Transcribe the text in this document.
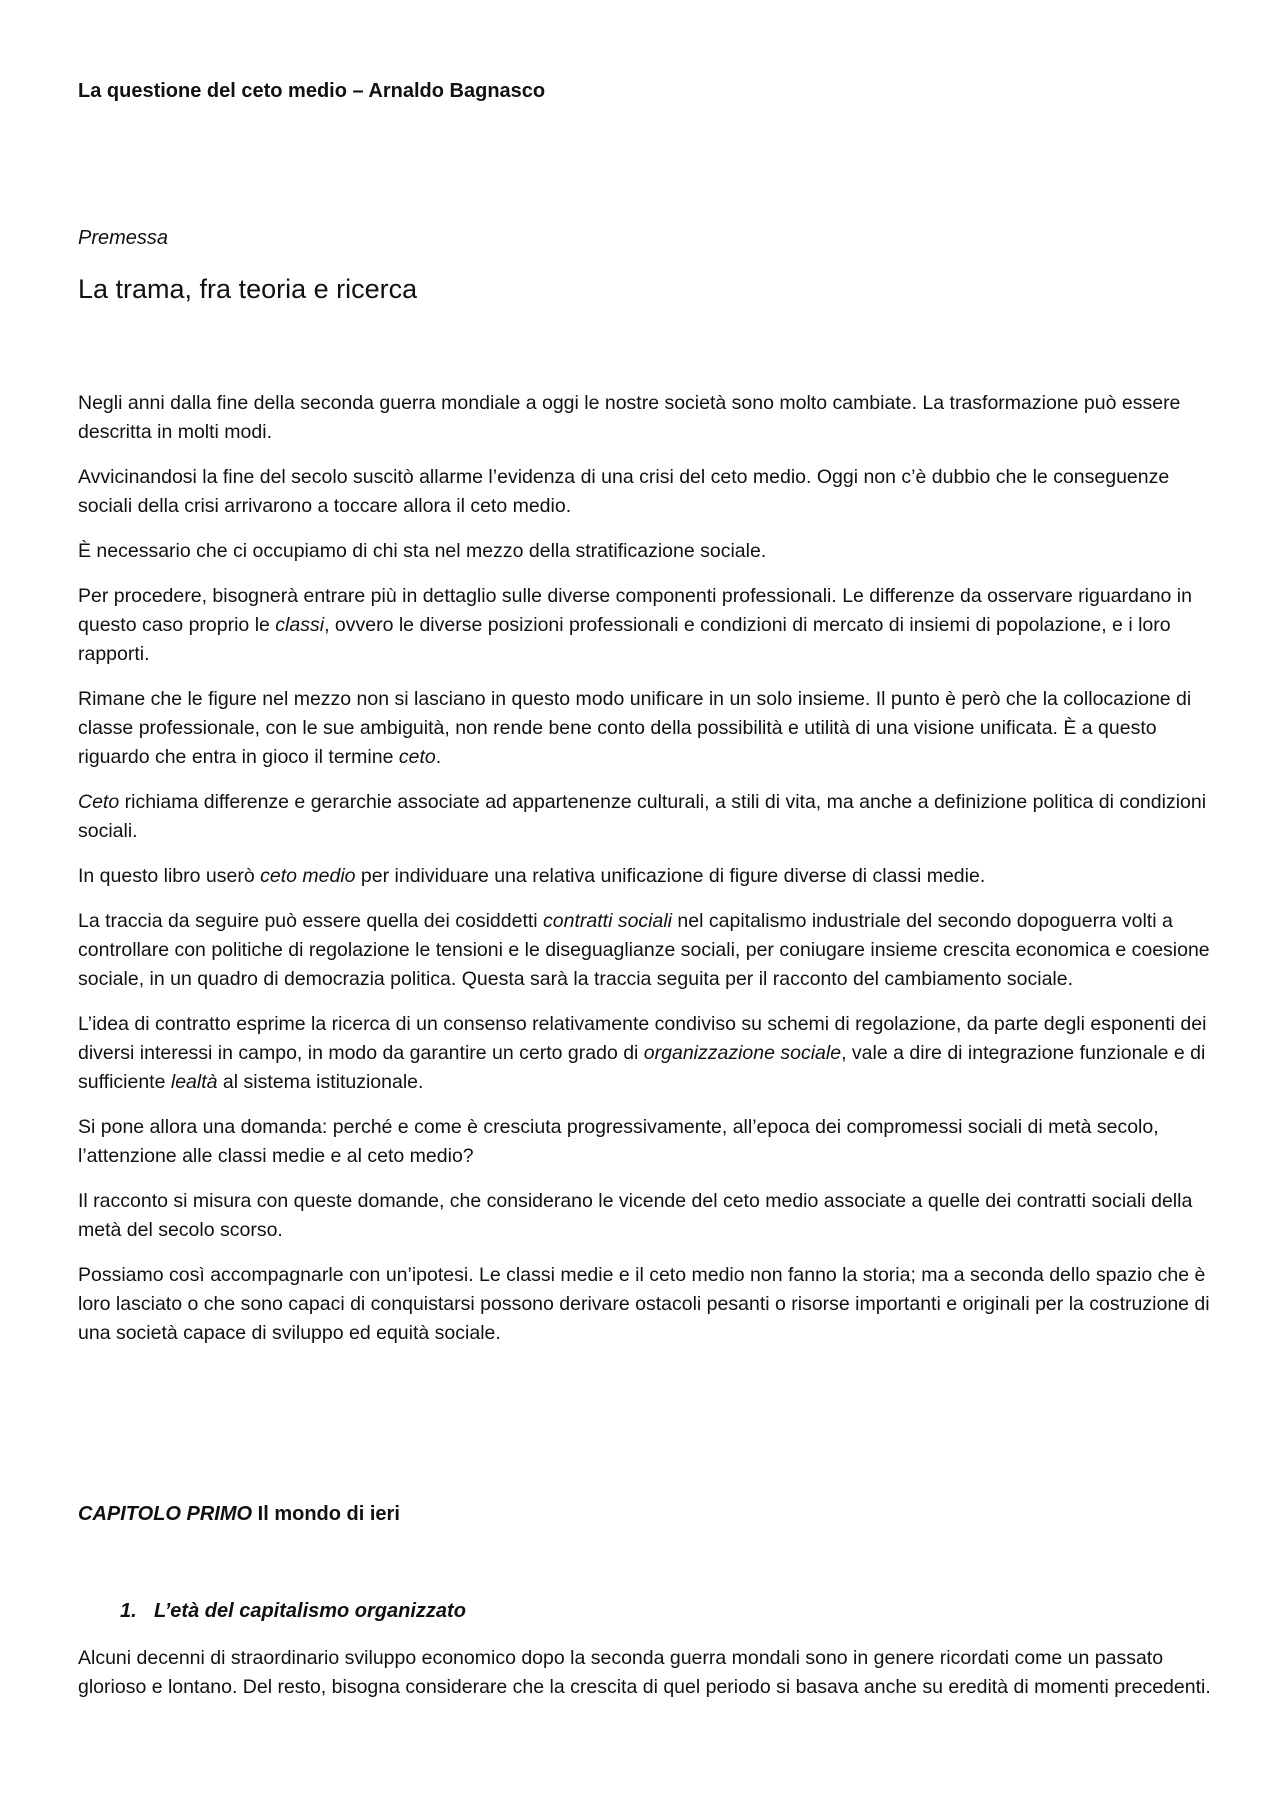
La questione del ceto medio – Arnaldo Bagnasco
Premessa
La trama, fra teoria e ricerca

Negli anni dalla fine della seconda guerra mondiale a oggi le nostre società sono molto cambiate. La trasformazione può essere descritta in molti modi.

Avvicinandosi la fine del secolo suscitò allarme l’evidenza di una crisi del ceto medio. Oggi non c’è dubbio che le conseguenze sociali della crisi arrivarono a toccare allora il ceto medio.

È necessario che ci occupiamo di chi sta nel mezzo della stratificazione sociale.

Per procedere, bisognerà entrare più in dettaglio sulle diverse componenti professionali. Le differenze da osservare riguardano in questo caso proprio le classi, ovvero le diverse posizioni professionali e condizioni di mercato di insiemi di popolazione, e i loro rapporti.

Rimane che le figure nel mezzo non si lasciano in questo modo unificare in un solo insieme. Il punto è però che la collocazione di classe professionale, con le sue ambiguità, non rende bene conto della possibilità e utilità di una visione unificata. È a questo riguardo che entra in gioco il termine ceto.

Ceto richiama differenze e gerarchie associate ad appartenenze culturali, a stili di vita, ma anche a definizione politica di condizioni sociali.

In questo libro userò ceto medio per individuare una relativa unificazione di figure diverse di classi medie.

La traccia da seguire può essere quella dei cosiddetti contratti sociali nel capitalismo industriale del secondo dopoguerra volti a controllare con politiche di regolazione le tensioni e le diseguaglianze sociali, per coniugare insieme crescita economica e coesione sociale, in un quadro di democrazia politica. Questa sarà la traccia seguita per il racconto del cambiamento sociale.

L’idea di contratto esprime la ricerca di un consenso relativamente condiviso su schemi di regolazione, da parte degli esponenti dei diversi interessi in campo, in modo da garantire un certo grado di organizzazione sociale, vale a dire di integrazione funzionale e di sufficiente lealtà al sistema istituzionale.

Si pone allora una domanda: perché e come è cresciuta progressivamente, all’epoca dei compromessi sociali di metà secolo, l’attenzione alle classi medie e al ceto medio?

Il racconto si misura con queste domande, che considerano le vicende del ceto medio associate a quelle dei contratti sociali della metà del secolo scorso.

Possiamo così accompagnarle con un’ipotesi. Le classi medie e il ceto medio non fanno la storia; ma a seconda dello spazio che è loro lasciato o che sono capaci di conquistarsi possono derivare ostacoli pesanti o risorse importanti e originali per la costruzione di una società capace di sviluppo ed equità sociale.

CAPITOLO PRIMO Il mondo di ieri
1. L’età del capitalismo organizzato

Alcuni decenni di straordinario sviluppo economico dopo la seconda guerra mondali sono in genere ricordati come un passato glorioso e lontano. Del resto, bisogna considerare che la crescita di quel periodo si basava anche su eredità di momenti precedenti.
